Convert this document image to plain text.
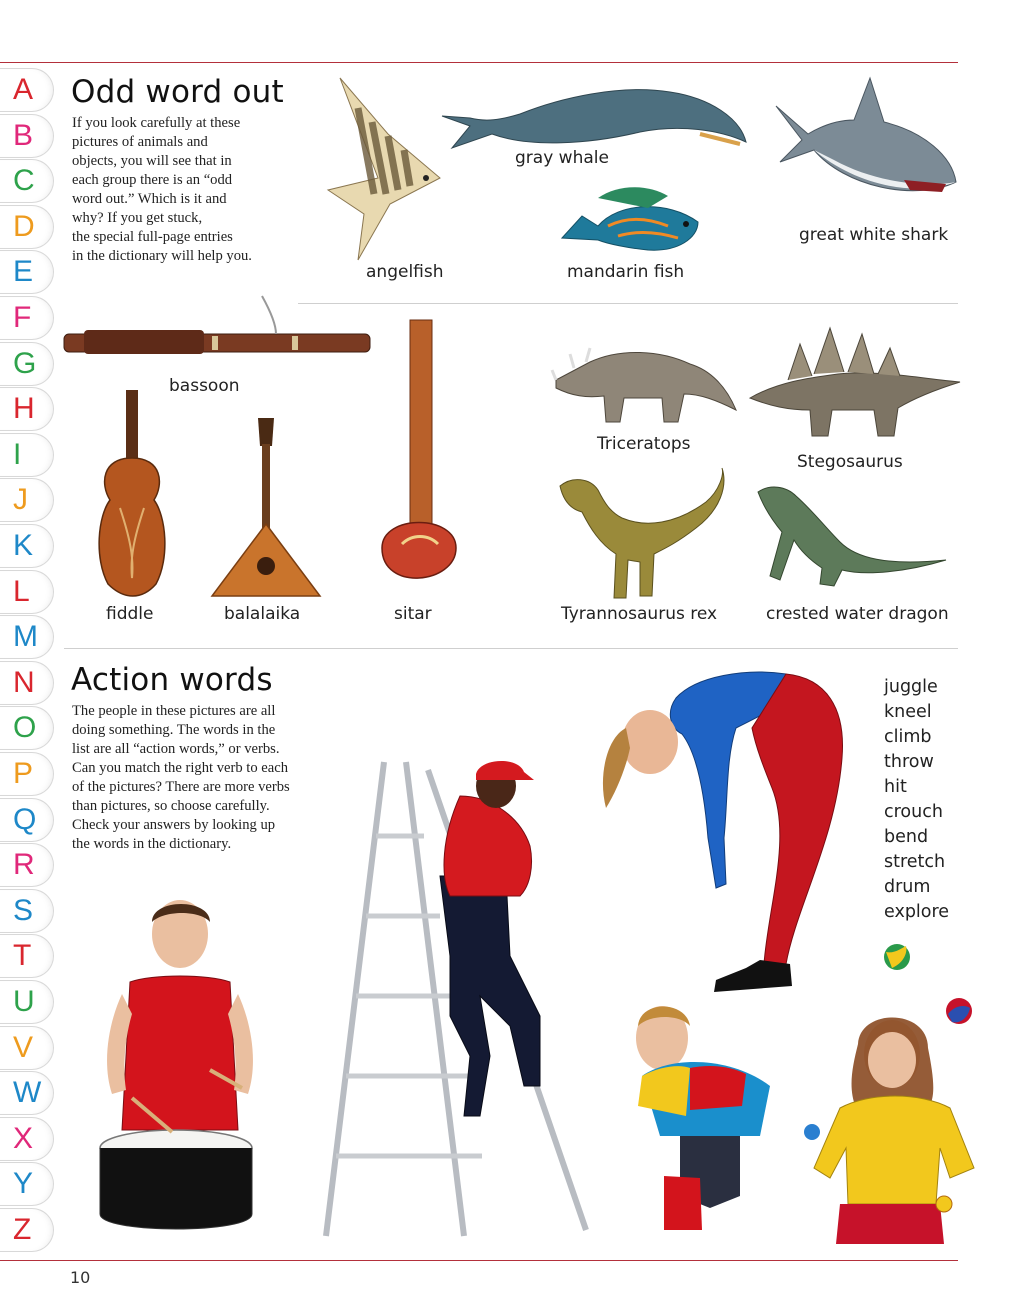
A
B
C
D
E
F
G
H
I
J
K
L
M
N
O
P
Q
R
S
T
U
V
W
X
Y
Z
Odd word out
If you look carefully at these
pictures of animals and
objects, you will see that in
each group there is an “odd
word out.” Which is it and
why? If you get stuck,
the special full-page entries
in the dictionary will help you.
angelfish
gray whale
mandarin fish
great white shark
bassoon
fiddle	balalaika	sitar
Triceratops
Stegosaurus
Tyrannosaurus rex	crested water dragon
Action words
The people in these pictures are all
doing something. The words in the
list are all “action words,” or verbs.
Can you match the right verb to each
of the pictures? There are more verbs
than pictures, so choose carefully.
Check your answers by looking up
the words in the dictionary.
juggle
kneel
climb
throw
hit
crouch
bend
stretch
drum
explore
10
